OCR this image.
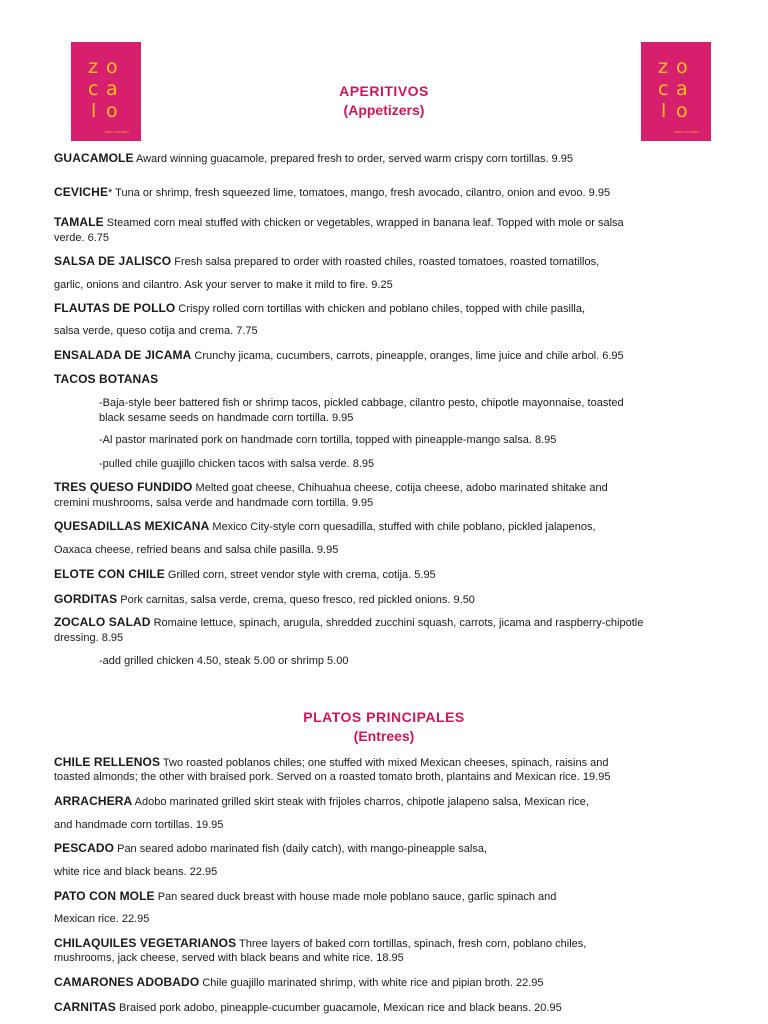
z o
c a
l o
MEX KITCHEN
z o
c a
l o
MEX KITCHEN
APERITIVOS
(Appetizers)
PLATOS PRINCIPALES
(Entrees)
GUACAMOLE Award winning guacamole, prepared fresh to order, served warm crispy corn tortillas. 9.95
CEVICHE* Tuna or shrimp, fresh squeezed lime, tomatoes, mango, fresh avocado, cilantro, onion and evoo. 9.95
TAMALE Steamed corn meal stuffed with chicken or vegetables, wrapped in banana leaf. Topped with mole or salsa
verde. 6.75
SALSA DE JALISCO Fresh salsa prepared to order with roasted chiles, roasted tomatoes, roasted tomatillos,
garlic, onions and cilantro. Ask your server to make it mild to fire. 9.25
FLAUTAS DE POLLO Crispy rolled corn tortillas with chicken and poblano chiles, topped with chile pasilla,
salsa verde, queso cotija and crema. 7.75
ENSALADA DE JICAMA Crunchy jicama, cucumbers, carrots, pineapple, oranges, lime juice and chile arbol. 6.95
TACOS BOTANAS
-Baja-style beer battered fish or shrimp tacos, pickled cabbage, cilantro pesto, chipotle mayonnaise, toasted
black sesame seeds on handmade corn tortilla. 9.95
-Al pastor marinated pork on handmade corn tortilla, topped with pineapple-mango salsa. 8.95
-pulled chile guajillo chicken tacos with salsa verde. 8.95
TRES QUESO FUNDIDO Melted goat cheese, Chihuahua cheese, cotija cheese, adobo marinated shitake and
cremini mushrooms, salsa verde and handmade corn tortilla. 9.95
QUESADILLAS MEXICANA Mexico City-style corn quesadilla, stuffed with chile poblano, pickled jalapenos,
Oaxaca cheese, refried beans and salsa chile pasilla. 9.95
ELOTE CON CHILE Grilled corn, street vendor style with crema, cotija. 5.95
GORDITAS Pork carnitas, salsa verde, crema, queso fresco, red pickled onions. 9.50
ZOCALO SALAD Romaine lettuce, spinach, arugula, shredded zucchini squash, carrots, jicama and raspberry-chipotle
dressing. 8.95
-add grilled chicken 4.50, steak 5.00 or shrimp 5.00
CHILE RELLENOS Two roasted poblanos chiles; one stuffed with mixed Mexican cheeses, spinach, raisins and
toasted almonds; the other with braised pork. Served on a roasted tomato broth, plantains and Mexican rice. 19.95
ARRACHERA Adobo marinated grilled skirt steak with frijoles charros, chipotle jalapeno salsa, Mexican rice,
and handmade corn tortillas. 19.95
PESCADO Pan seared adobo marinated fish (daily catch), with mango-pineapple salsa,
white rice and black beans. 22.95
PATO CON MOLE Pan seared duck breast with house made mole poblano sauce, garlic spinach and
Mexican rice. 22.95
CHILAQUILES VEGETARIANOS Three layers of baked corn tortillas, spinach, fresh corn, poblano chiles,
mushrooms, jack cheese, served with black beans and white rice. 18.95
CAMARONES ADOBADO Chile guajillo marinated shrimp, with white rice and pipian broth. 22.95
CARNITAS Braised pork adobo, pineapple-cucumber guacamole, Mexican rice and black beans. 20.95
